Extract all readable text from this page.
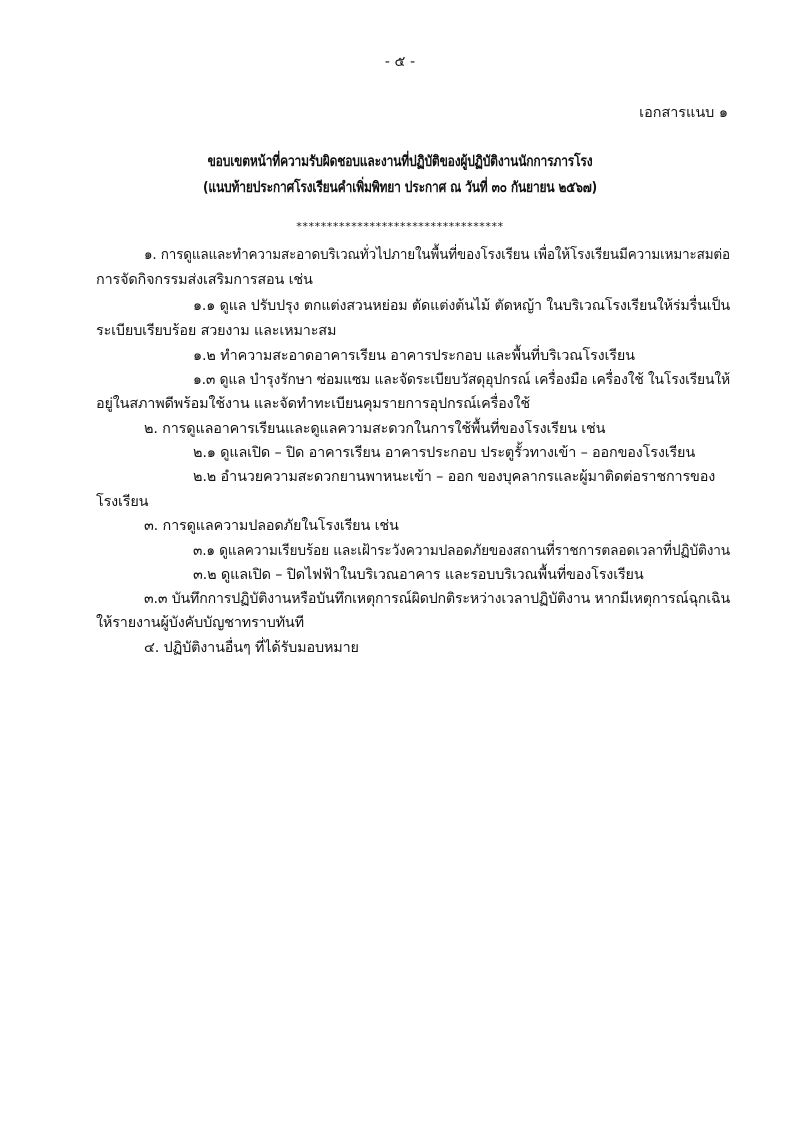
- ๕ -
เอกสารแนบ ๑
ขอบเขตหน้าที่ความรับผิดชอบและงานที่ปฏิบัติของผู้ปฏิบัติงานนักการภารโรง
(แนบท้ายประกาศโรงเรียนคำเพิ่มพิทยา ประกาศ ณ วันที่ ๓๐ กันยายน ๒๕๖๗)
**********************************
๑. การดูแลและทำความสะอาดบริเวณทั่วไปภายในพื้นที่ของโรงเรียน เพื่อให้โรงเรียนมีความเหมาะสมต่อ
การจัดกิจกรรมส่งเสริมการสอน เช่น
๑.๑ ดูแล ปรับปรุง ตกแต่งสวนหย่อม ตัดแต่งต้นไม้ ตัดหญ้า ในบริเวณโรงเรียนให้ร่มรื่นเป็น
ระเบียบเรียบร้อย สวยงาม และเหมาะสม
๑.๒ ทำความสะอาดอาคารเรียน อาคารประกอบ และพื้นที่บริเวณโรงเรียน
๑.๓ ดูแล บำรุงรักษา ซ่อมแซม และจัดระเบียบวัสดุอุปกรณ์ เครื่องมือ เครื่องใช้ ในโรงเรียนให้
อยู่ในสภาพดีพร้อมใช้งาน และจัดทำทะเบียนคุมรายการอุปกรณ์เครื่องใช้
๒. การดูแลอาคารเรียนและดูแลความสะดวกในการใช้พื้นที่ของโรงเรียน เช่น
๒.๑ ดูแลเปิด – ปิด อาคารเรียน อาคารประกอบ ประตูรั้วทางเข้า – ออกของโรงเรียน
๒.๒ อำนวยความสะดวกยานพาหนะเข้า – ออก ของบุคลากรและผู้มาติดต่อราชการของ
โรงเรียน
๓. การดูแลความปลอดภัยในโรงเรียน เช่น
๓.๑ ดูแลความเรียบร้อย และเฝ้าระวังความปลอดภัยของสถานที่ราชการตลอดเวลาที่ปฏิบัติงาน
๓.๒ ดูแลเปิด – ปิดไฟฟ้าในบริเวณอาคาร และรอบบริเวณพื้นที่ของโรงเรียน
๓.๓ บันทึกการปฏิบัติงานหรือบันทึกเหตุการณ์ผิดปกติระหว่างเวลาปฏิบัติงาน หากมีเหตุการณ์ฉุกเฉิน
ให้รายงานผู้บังคับบัญชาทราบทันที
๔. ปฏิบัติงานอื่นๆ ที่ได้รับมอบหมาย
